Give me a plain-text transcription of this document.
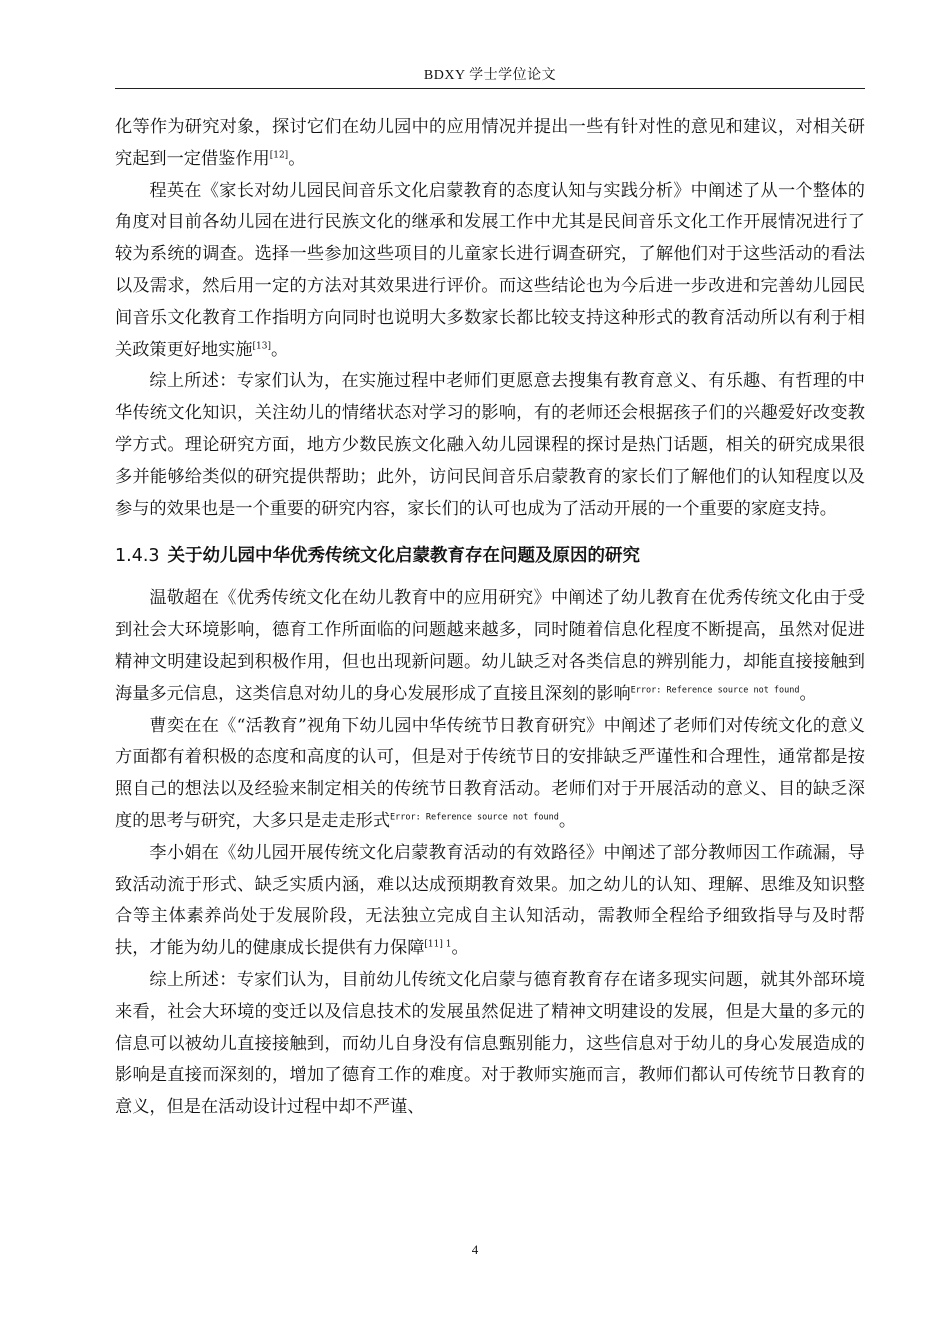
BDXY 学士学位论文

化等作为研究对象，探讨它们在幼儿园中的应用情况并提出一些有针对性的意见和建议，对相关研究起到一定借鉴作用[12]。

程英在《家长对幼儿园民间音乐文化启蒙教育的态度认知与实践分析》中阐述了从一个整体的角度对目前各幼儿园在进行民族文化的继承和发展工作中尤其是民间音乐文化工作开展情况进行了较为系统的调查。选择一些参加这些项目的儿童家长进行调查研究，了解他们对于这些活动的看法以及需求，然后用一定的方法对其效果进行评价。而这些结论也为今后进一步改进和完善幼儿园民间音乐文化教育工作指明方向同时也说明大多数家长都比较支持这种形式的教育活动所以有利于相关政策更好地实施[13]。

综上所述：专家们认为，在实施过程中老师们更愿意去搜集有教育意义、有乐趣、有哲理的中华传统文化知识，关注幼儿的情绪状态对学习的影响，有的老师还会根据孩子们的兴趣爱好改变教学方式。理论研究方面，地方少数民族文化融入幼儿园课程的探讨是热门话题，相关的研究成果很多并能够给类似的研究提供帮助；此外，访问民间音乐启蒙教育的家长们了解他们的认知程度以及参与的效果也是一个重要的研究内容，家长们的认可也成为了活动开展的一个重要的家庭支持。

1.4.3 关于幼儿园中华优秀传统文化启蒙教育存在问题及原因的研究

温敬超在《优秀传统文化在幼儿教育中的应用研究》中阐述了幼儿教育在优秀传统文化由于受到社会大环境影响，德育工作所面临的问题越来越多，同时随着信息化程度不断提高，虽然对促进精神文明建设起到积极作用，但也出现新问题。幼儿缺乏对各类信息的辨别能力，却能直接接触到海量多元信息，这类信息对幼儿的身心发展形成了直接且深刻的影响$^{Error: Reference source not found}$。

曹奕在在《“活教育”视角下幼儿园中华传统节日教育研究》中阐述了老师们对传统文化的意义方面都有着积极的态度和高度的认可，但是对于传统节日的安排缺乏严谨性和合理性，通常都是按照自己的想法以及经验来制定相关的传统节日教育活动。老师们对于开展活动的意义、目的缺乏深度的思考与研究，大多只是走走形式$^{Error: Reference source not found}$。

李小娟在《幼儿园开展传统文化启蒙教育活动的有效路径》中阐述了部分教师因工作疏漏，导致活动流于形式、缺乏实质内涵，难以达成预期教育效果。加之幼儿的认知、理解、思维及知识整合等主体素养尚处于发展阶段，无法独立完成自主认知活动，需教师全程给予细致指导与及时帮扶，才能为幼儿的健康成长提供有力保障$^{[11] 1}$。

综上所述：专家们认为，目前幼儿传统文化启蒙与德育教育存在诸多现实问题，就其外部环境来看，社会大环境的变迁以及信息技术的发展虽然促进了精神文明建设的发展，但是大量的多元的信息可以被幼儿直接接触到，而幼儿自身没有信息甄别能力，这些信息对于幼儿的身心发展造成的影响是直接而深刻的，增加了德育工作的难度。对于教师实施而言，教师们都认可传统节日教育的意义，但是在活动设计过程中却不严谨、

4
